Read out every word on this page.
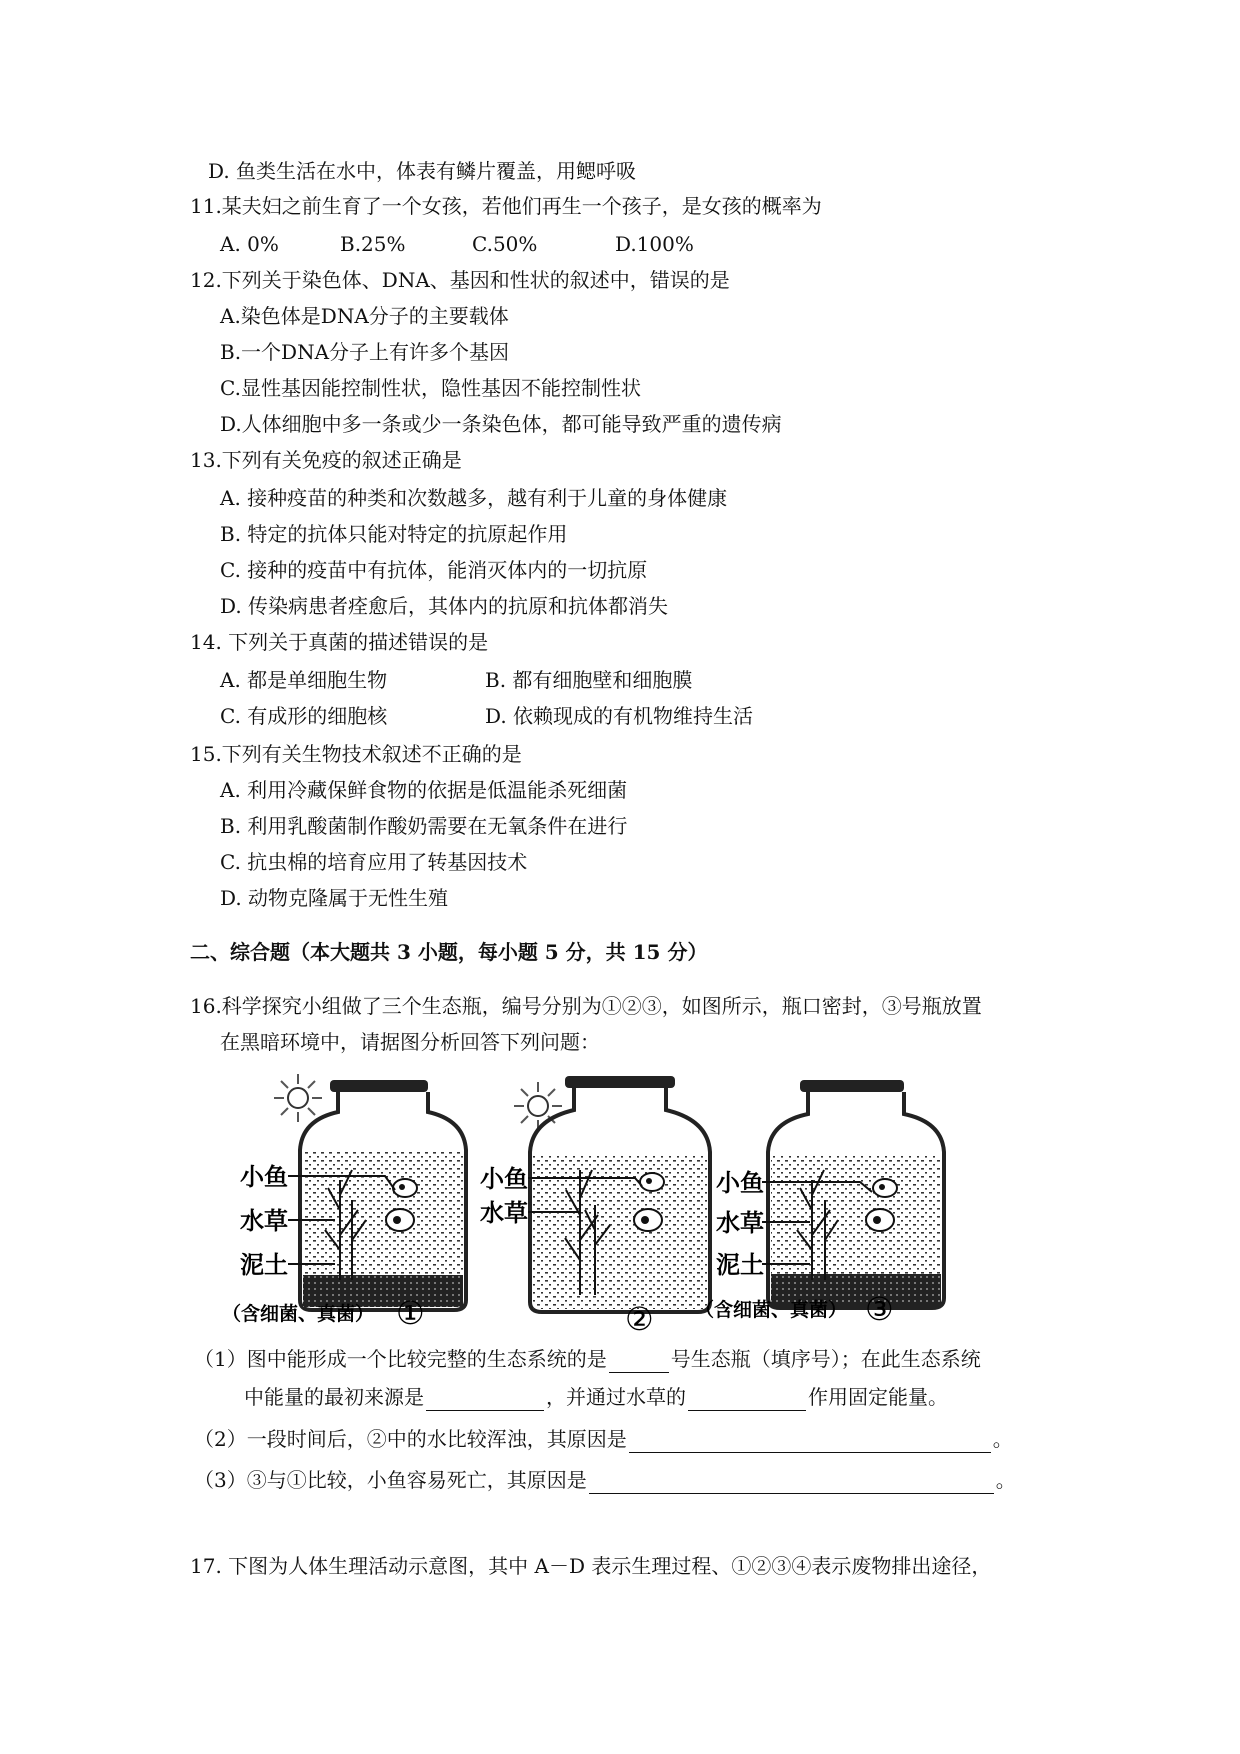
D. 鱼类生活在水中，体表有鳞片覆盖，用鳃呼吸
11.某夫妇之前生育了一个女孩，若他们再生一个孩子，是女孩的概率为
A. 0%	B.25%	C.50%	D.100%
12.下列关于染色体、DNA、基因和性状的叙述中，错误的是
A.染色体是DNA分子的主要载体
B.一个DNA分子上有许多个基因
C.显性基因能控制性状，隐性基因不能控制性状
D.人体细胞中多一条或少一条染色体，都可能导致严重的遗传病
13.下列有关免疫的叙述正确是
A. 接种疫苗的种类和次数越多，越有利于儿童的身体健康
B. 特定的抗体只能对特定的抗原起作用
C. 接种的疫苗中有抗体，能消灭体内的一切抗原
D. 传染病患者痊愈后，其体内的抗原和抗体都消失
14. 下列关于真菌的描述错误的是
A. 都是单细胞生物	B. 都有细胞壁和细胞膜
C. 有成形的细胞核	D. 依赖现成的有机物维持生活
15.下列有关生物技术叙述不正确的是
A. 利用冷藏保鲜食物的依据是低温能杀死细菌
B. 利用乳酸菌制作酸奶需要在无氧条件在进行
C. 抗虫棉的培育应用了转基因技术
D. 动物克隆属于无性生殖
二、综合题（本大题共 3 小题，每小题 5 分，共 15 分）
16.科学探究小组做了三个生态瓶，编号分别为①②③，如图所示，瓶口密封，③号瓶放置
在黑暗环境中，请据图分析回答下列问题：
小鱼
水草
泥土
（含细菌、真菌） ①
小鱼
水草
②
小鱼
水草
泥土
（含细菌、真菌） ③
（1）图中能形成一个比较完整的生态系统的是	号生态瓶（填序号）；在此生态系统
中能量的最初来源是	，并通过水草的	作用固定能量。
（2）一段时间后，②中的水比较浑浊，其原因是	。
（3）③与①比较，小鱼容易死亡，其原因是	。
17. 下图为人体生理活动示意图，其中 A－D 表示生理过程、①②③④表示废物排出途径，
